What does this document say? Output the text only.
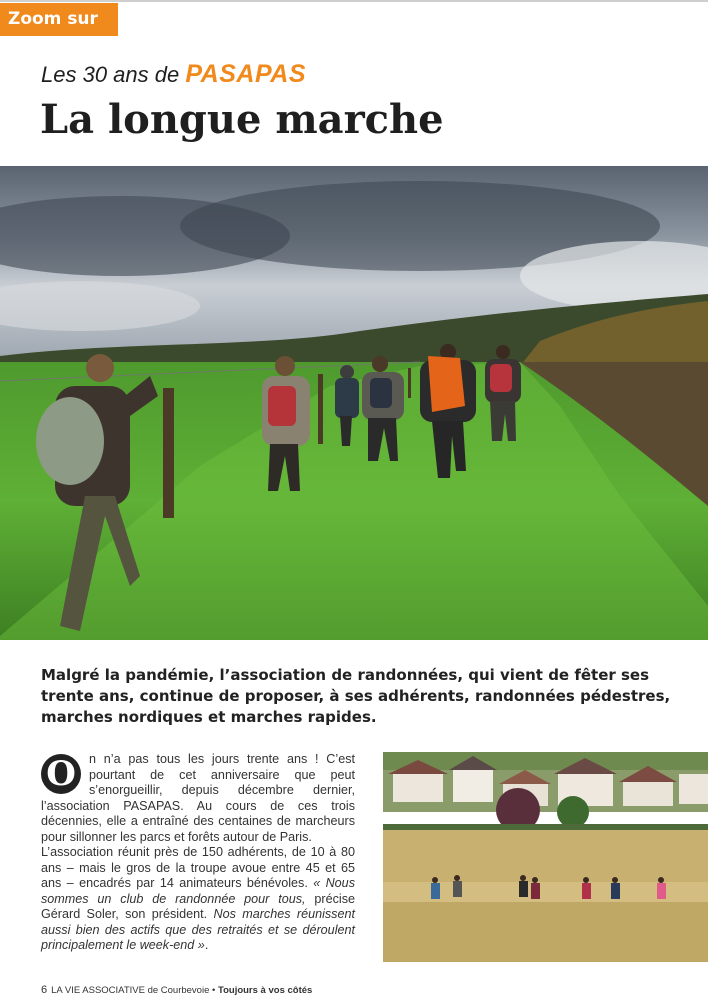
Zoom sur
Les 30 ans de PASAPAS
La longue marche
Malgré la pandémie, l’association de randonnées, qui vient de fêter ses trente ans, continue de proposer, à ses adhérents, randonnées pédestres, marches nordiques et marches rapides.

O	n n’a pas tous les jours trente ans ! C’est pourtant de cet anniversaire que peut s’enorgueillir, depuis décembre dernier, l’association PASAPAS. Au cours de ces trois décennies, elle a entraîné des centaines de marcheurs pour sillonner les parcs et forêts autour de Paris.

L’association réunit près de 150 adhérents, de 10 à 80 ans – mais le gros de la troupe avoue entre 45 et 65 ans – encadrés par 14 animateurs bénévoles. « Nous sommes un club de randonnée pour tous, précise Gérard Soler, son président. Nos marches réunissent aussi bien des actifs que des retraités et se déroulent principalement le week-end ».

6 LA VIE ASSOCIATIVE de Courbevoie • Toujours à vos côtés
